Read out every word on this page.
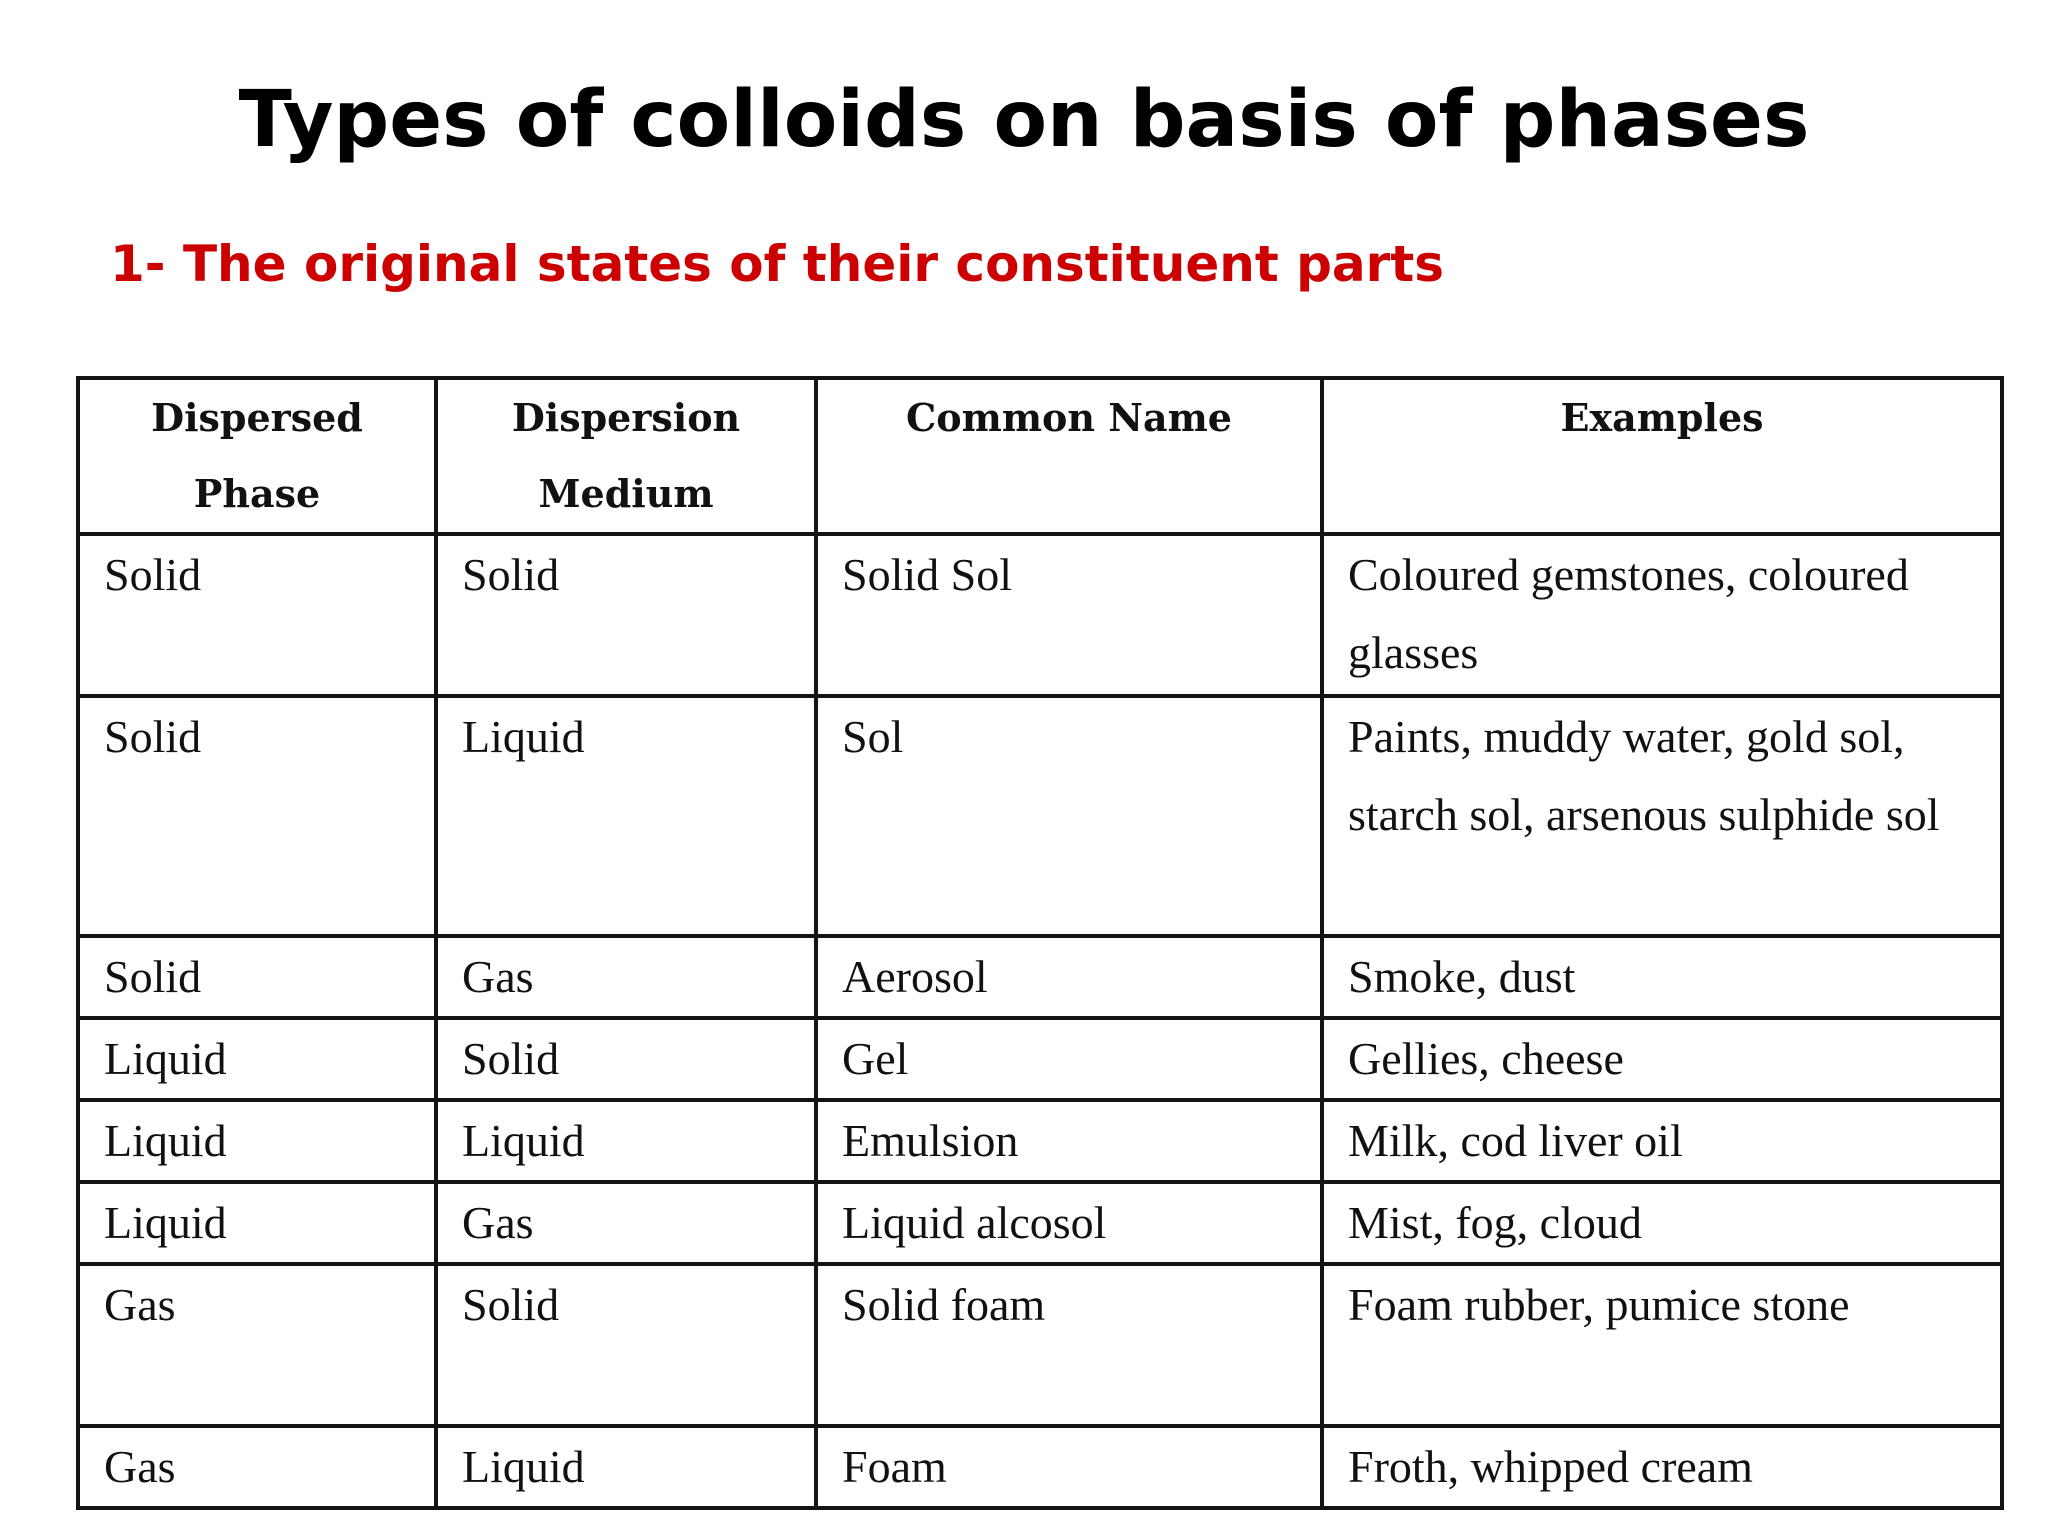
Types of colloids on basis of phases
1- The original states of their constituent parts
Dispersed Phase	Dispersion Medium	Common Name	Examples
Solid	Solid	Solid Sol	Coloured gemstones, coloured glasses
Solid	Liquid	Sol	Paints, muddy water, gold sol, starch sol, arsenous sulphide sol
Solid	Gas	Aerosol	Smoke, dust
Liquid	Solid	Gel	Gellies, cheese
Liquid	Liquid	Emulsion	Milk, cod liver oil
Liquid	Gas	Liquid alcosol	Mist, fog, cloud
Gas	Solid	Solid foam	Foam rubber, pumice stone
Gas	Liquid	Foam	Froth, whipped cream
